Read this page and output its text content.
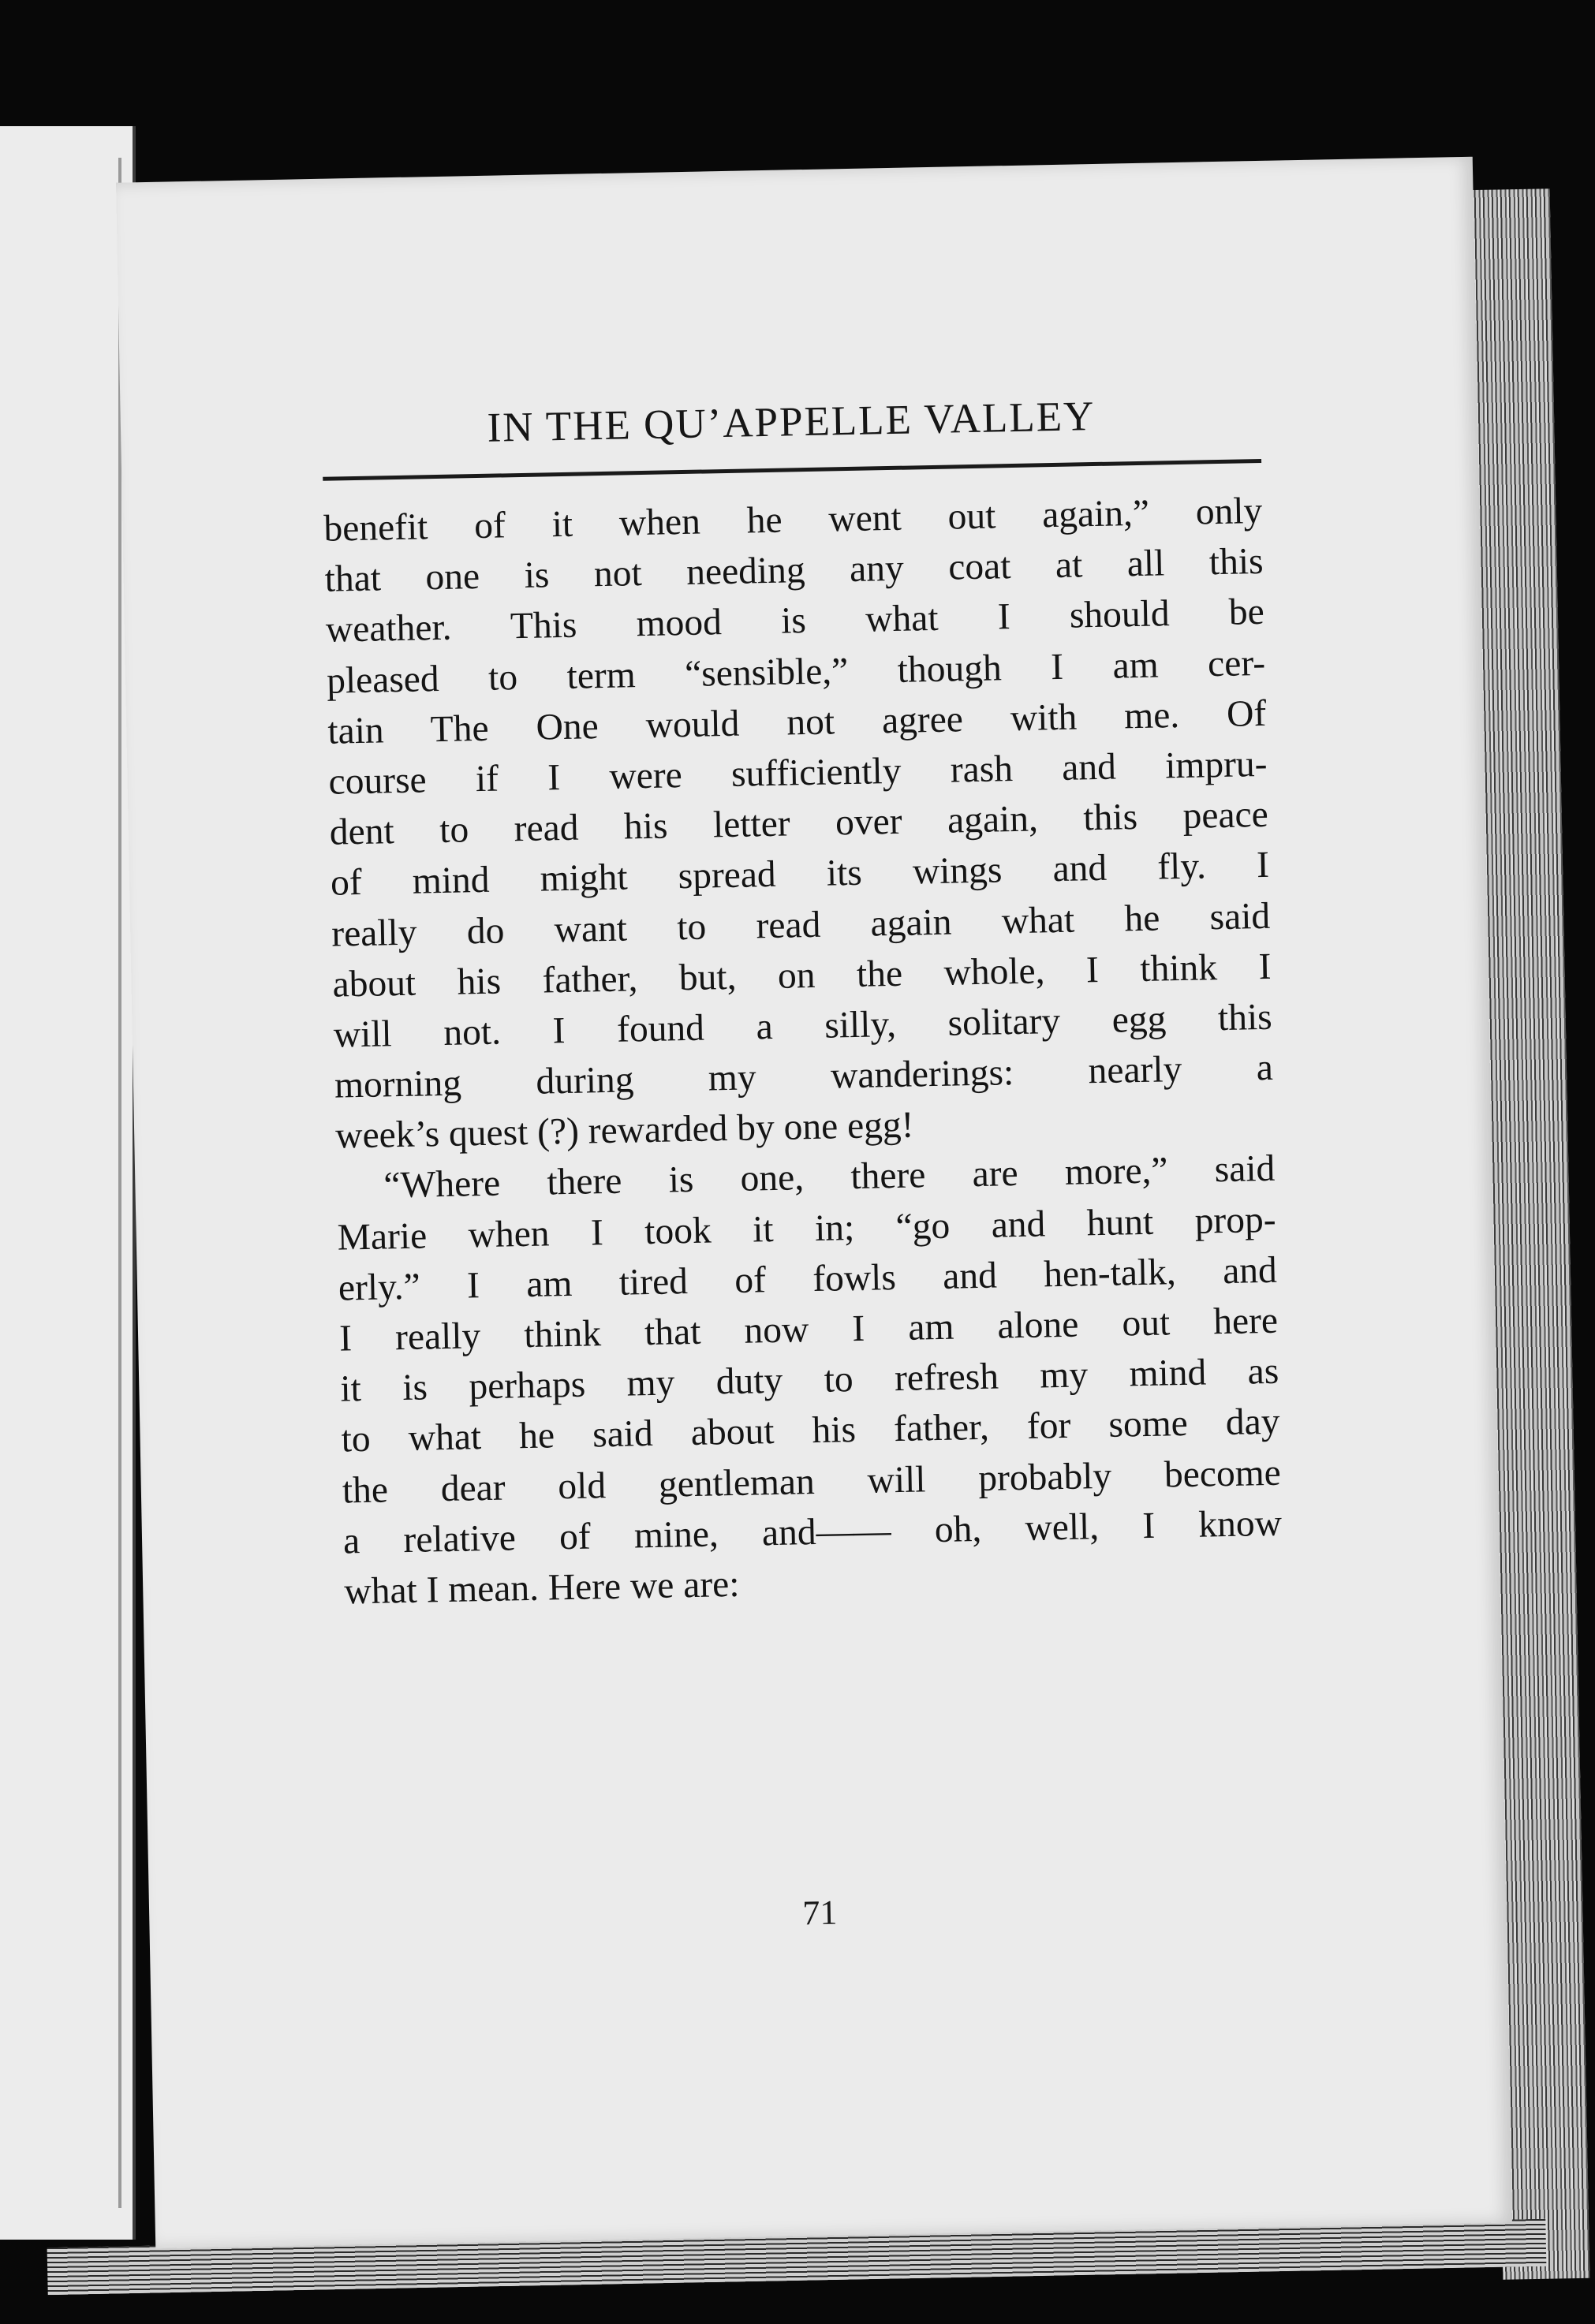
IN THE QU’APPELLE VALLEY
benefit of it when he went out again,” only
that one is not needing any coat at all this
weather. This mood is what I should be
pleased to term “sensible,” though I am cer-
tain The One would not agree with me. Of
course if I were sufficiently rash and impru-
dent to read his letter over again, this peace
of mind might spread its wings and fly. I
really do want to read again what he said
about his father, but, on the whole, I think I
will not. I found a silly, solitary egg this
morning during my wanderings: nearly a
week’s quest (?) rewarded by one egg!
“Where there is one, there are more,” said
Marie when I took it in; “go and hunt prop-
erly.” I am tired of fowls and hen-talk, and
I really think that now I am alone out here
it is perhaps my duty to refresh my mind as
to what he said about his father, for some day
the dear old gentleman will probably become
a relative of mine, and—— oh, well, I know
what I mean. Here we are:
71
